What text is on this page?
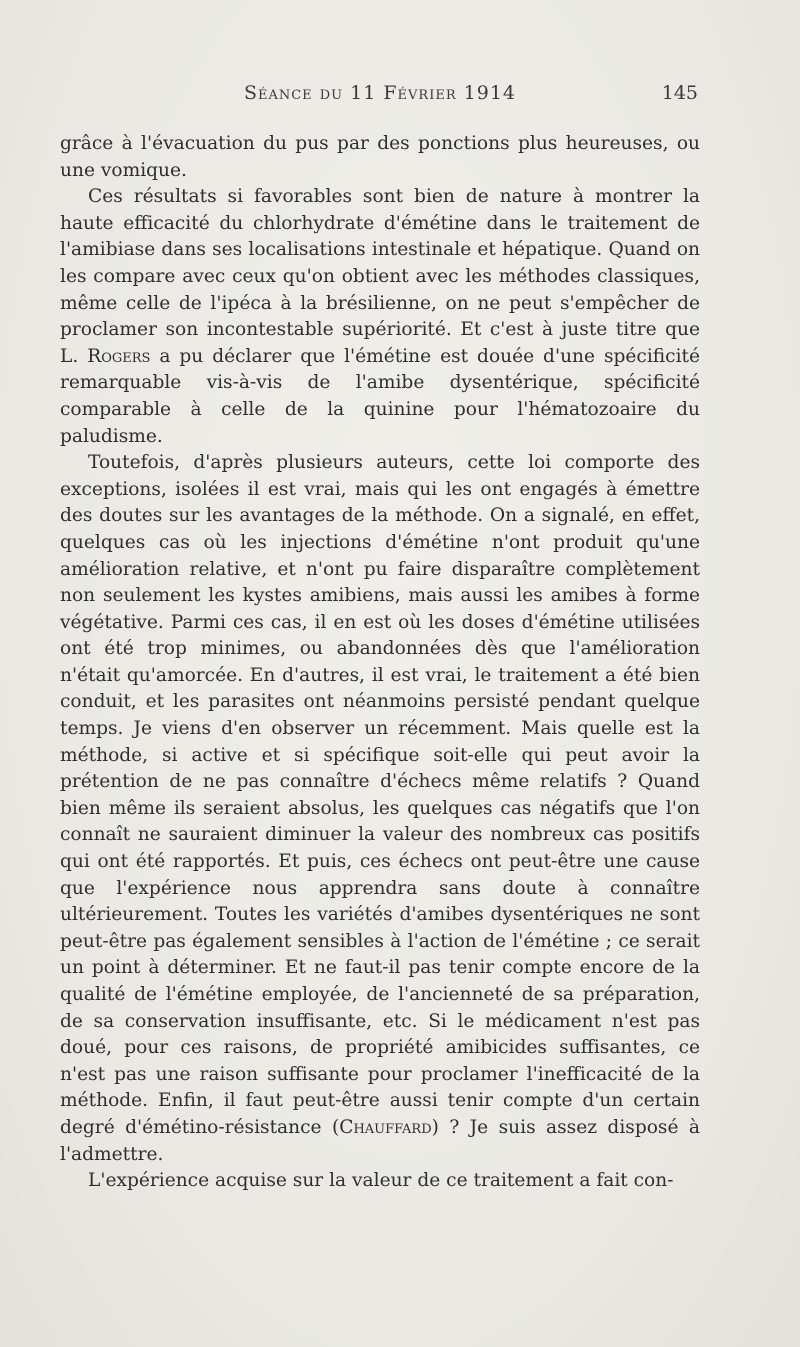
Séance du 11 Février 1914	145

grâce à l'évacuation du pus par des ponctions plus heureuses, ou une vomique.

Ces résultats si favorables sont bien de nature à montrer la haute efficacité du chlorhydrate d'émétine dans le traitement de l'amibiase dans ses localisations intestinale et hépatique. Quand on les compare avec ceux qu'on obtient avec les méthodes classiques, même celle de l'ipéca à la brésilienne, on ne peut s'empêcher de proclamer son incontestable supériorité. Et c'est à juste titre que L. Rogers a pu déclarer que l'émétine est douée d'une spécificité remarquable vis-à-vis de l'amibe dysentérique, spécificité comparable à celle de la quinine pour l'hématozoaire du paludisme.

Toutefois, d'après plusieurs auteurs, cette loi comporte des exceptions, isolées il est vrai, mais qui les ont engagés à émettre des doutes sur les avantages de la méthode. On a signalé, en effet, quelques cas où les injections d'émétine n'ont produit qu'une amélioration relative, et n'ont pu faire disparaître complètement non seulement les kystes amibiens, mais aussi les amibes à forme végétative. Parmi ces cas, il en est où les doses d'émétine utilisées ont été trop minimes, ou abandonnées dès que l'amélioration n'était qu'amorcée. En d'autres, il est vrai, le traitement a été bien conduit, et les parasites ont néanmoins persisté pendant quelque temps. Je viens d'en observer un récemment. Mais quelle est la méthode, si active et si spécifique soit-elle qui peut avoir la prétention de ne pas connaître d'échecs même relatifs ? Quand bien même ils seraient absolus, les quelques cas négatifs que l'on connaît ne sauraient diminuer la valeur des nombreux cas positifs qui ont été rapportés. Et puis, ces échecs ont peut-être une cause que l'expérience nous apprendra sans doute à connaître ultérieurement. Toutes les variétés d'amibes dysentériques ne sont peut-être pas également sensibles à l'action de l'émétine ; ce serait un point à déterminer. Et ne faut-il pas tenir compte encore de la qualité de l'émétine employée, de l'ancienneté de sa préparation, de sa conservation insuffisante, etc. Si le médicament n'est pas doué, pour ces raisons, de propriété amibicides suffisantes, ce n'est pas une raison suffisante pour proclamer l'inefficacité de la méthode. Enfin, il faut peut-être aussi tenir compte d'un certain degré d'émétino-résistance (Chauffard) ? Je suis assez disposé à l'admettre.

L'expérience acquise sur la valeur de ce traitement a fait con-
